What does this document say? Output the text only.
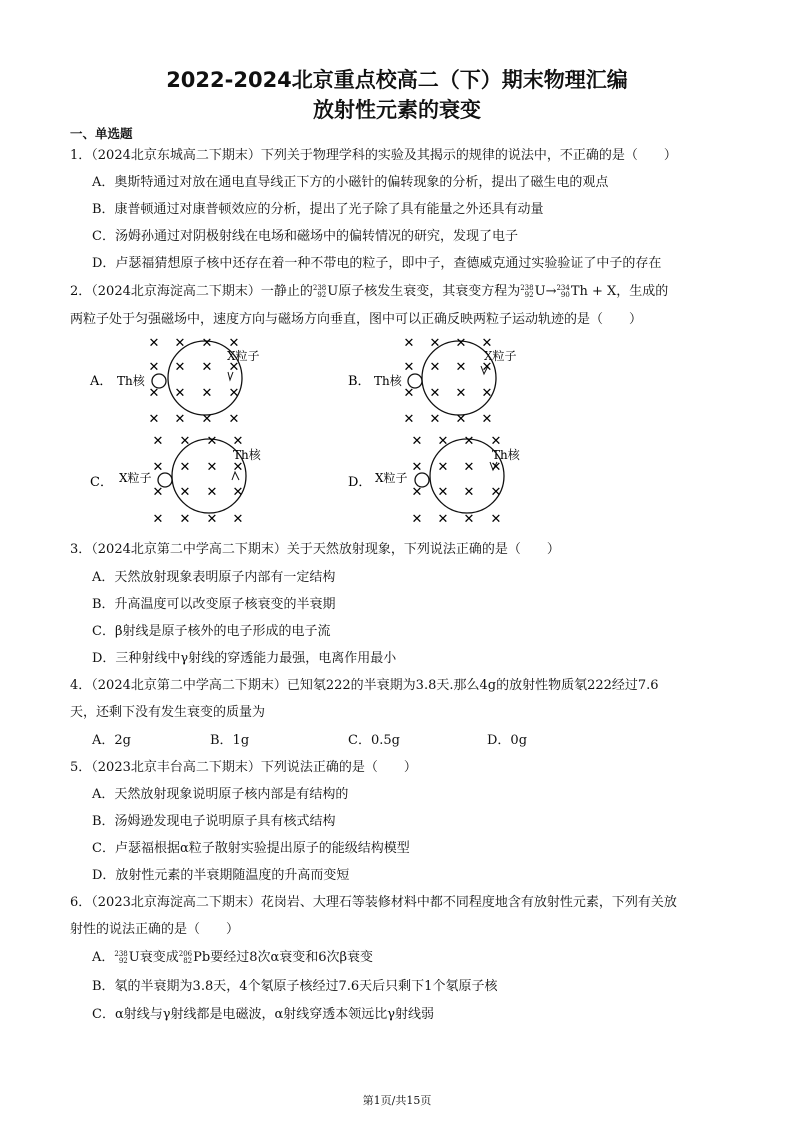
2022-2024北京重点校高二（下）期末物理汇编
放射性元素的衰变
一、单选题
1．（2024北京东城高二下期末）下列关于物理学科的实验及其揭示的规律的说法中，不正确的是（　　）
A．奥斯特通过对放在通电直导线正下方的小磁针的偏转现象的分析，提出了磁生电的观点
B．康普顿通过对康普顿效应的分析，提出了光子除了具有能量之外还具有动量
C．汤姆孙通过对阴极射线在电场和磁场中的偏转情况的研究，发现了电子
D．卢瑟福猜想原子核中还存在着一种不带电的粒子，即中子，查德威克通过实验验证了中子的存在
2．（2024北京海淀高二下期末）一静止的 238
92 U原子核发生衰变，其衰变方程为 238
92 U→ 234
90 Th + X，生成的
两粒子处于匀强磁场中，速度方向与磁场方向垂直，图中可以正确反映两粒子运动轨迹的是（　　）
A． Th核
X粒子
✕ ✕ ✕ ✕
✕ ✕ ✕ ✕
✕ ✕ ✕ ✕
✕ ✕ ✕ ✕
B． Th核
X粒子
✕ ✕ ✕ ✕
✕ ✕ ✕ ✕
✕ ✕ ✕ ✕
✕ ✕ ✕ ✕
C． X粒子
Th核
✕ ✕ ✕ ✕
✕ ✕ ✕ ✕
✕ ✕ ✕ ✕
✕ ✕ ✕ ✕
D． X粒子
Th核
✕ ✕ ✕ ✕
✕ ✕ ✕ ✕
✕ ✕ ✕ ✕
✕ ✕ ✕ ✕
3．（2024北京第二中学高二下期末）关于天然放射现象，下列说法正确的是（　　）
A．天然放射现象表明原子内部有一定结构
B．升高温度可以改变原子核衰变的半衰期
C．β射线是原子核外的电子形成的电子流
D．三种射线中γ射线的穿透能力最强，电离作用最小
4．（2024北京第二中学高二下期末）已知氡222的半衰期为3.8天.那么4g的放射性物质氡222经过7.6
天，还剩下没有发生衰变的质量为
A．2g	B．1g	C．0.5g	D．0g
5．（2023北京丰台高二下期末）下列说法正确的是（　　）
A．天然放射现象说明原子核内部是有结构的
B．汤姆逊发现电子说明原子具有核式结构
C．卢瑟福根据α粒子散射实验提出原子的能级结构模型
D．放射性元素的半衰期随温度的升高而变短
6．（2023北京海淀高二下期末）花岗岩、大理石等装修材料中都不同程度地含有放射性元素，下列有关放
射性的说法正确的是（　　）
A． 238
92 U衰变成 206
82 Pb要经过8次α衰变和6次β衰变
B．氡的半衰期为3.8天，4个氡原子核经过7.6天后只剩下1个氡原子核
C．α射线与γ射线都是电磁波，α射线穿透本领远比γ射线弱
第1页/共15页
